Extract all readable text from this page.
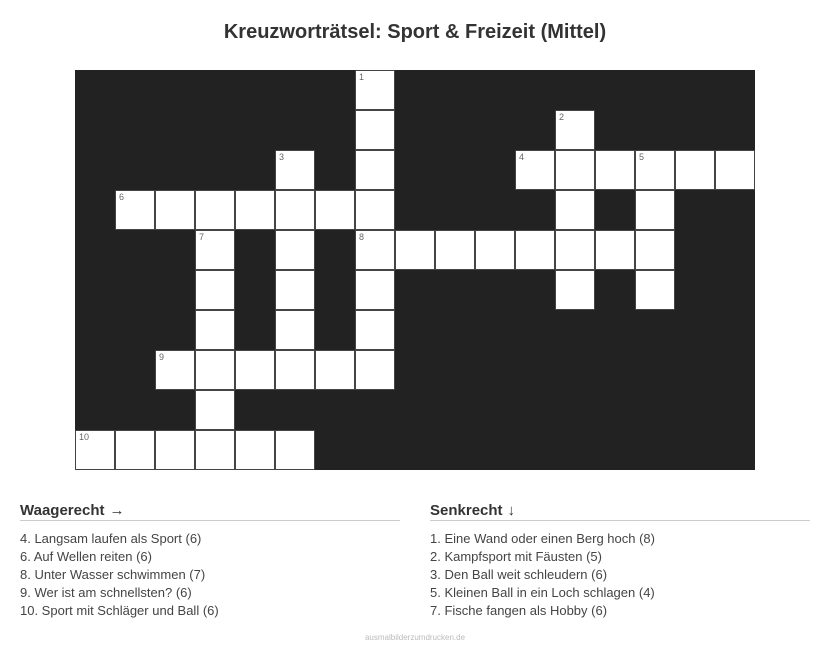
Kreuzworträtsel: Sport & Freizeit (Mittel)
1
2
3	4	5
6
7	8
9
10
Waagerecht →
4. Langsam laufen als Sport (6)
6. Auf Wellen reiten (6)
8. Unter Wasser schwimmen (7)
9. Wer ist am schnellsten? (6)
10. Sport mit Schläger und Ball (6)
Senkrecht ↓
1. Eine Wand oder einen Berg hoch (8)
2. Kampfsport mit Fäusten (5)
3. Den Ball weit schleudern (6)
5. Kleinen Ball in ein Loch schlagen (4)
7. Fische fangen als Hobby (6)
ausmalbilderzumdrucken.de
